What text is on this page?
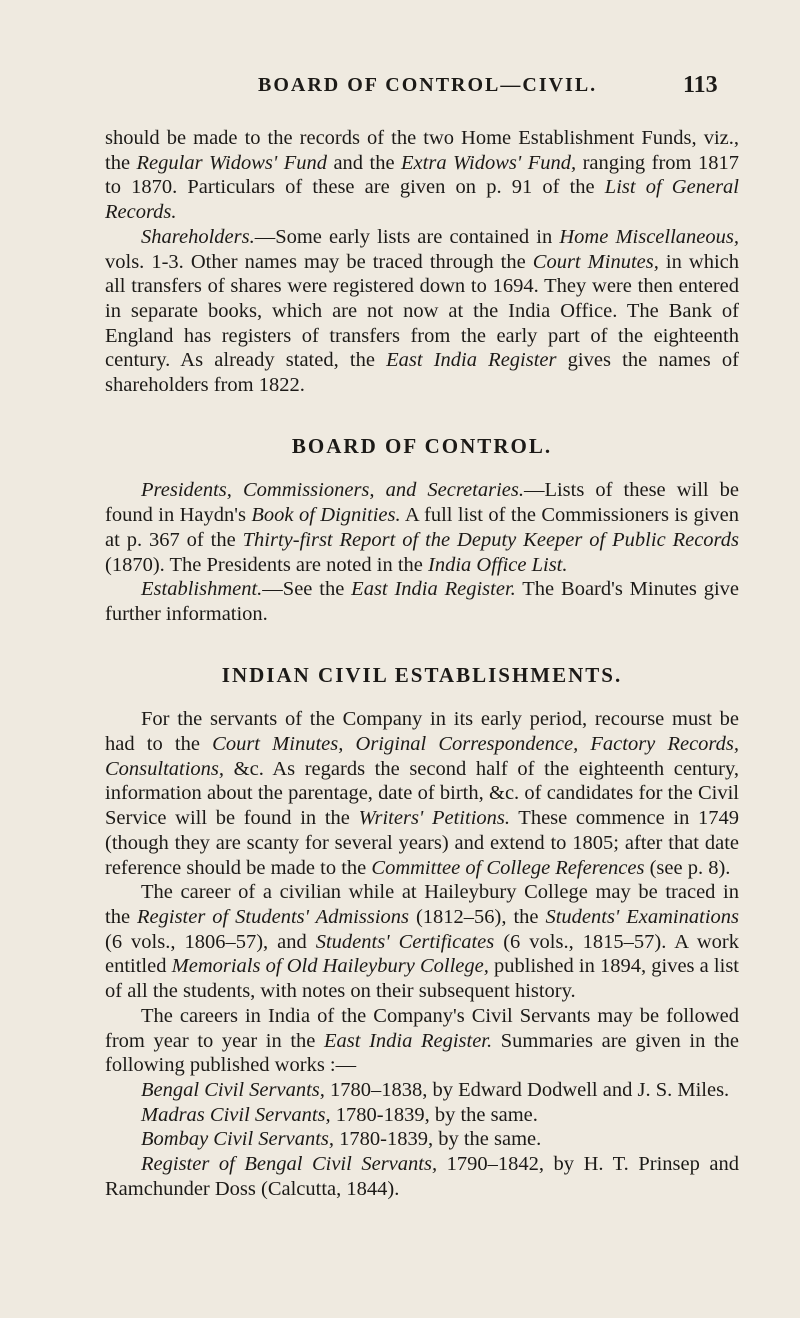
BOARD OF CONTROL—CIVIL.	113

should be made to the records of the two Home Establishment Funds, viz., the Regular Widows' Fund and the Extra Widows' Fund, ranging from 1817 to 1870. Particulars of these are given on p. 91 of the List of General Records.

Shareholders.—Some early lists are contained in Home Miscellaneous, vols. 1-3. Other names may be traced through the Court Minutes, in which all transfers of shares were registered down to 1694. They were then entered in separate books, which are not now at the India Office. The Bank of England has registers of transfers from the early part of the eighteenth century. As already stated, the East India Register gives the names of shareholders from 1822.

BOARD OF CONTROL.

Presidents, Commissioners, and Secretaries.—Lists of these will be found in Haydn's Book of Dignities. A full list of the Commissioners is given at p. 367 of the Thirty-first Report of the Deputy Keeper of Public Records (1870). The Presidents are noted in the India Office List.

Establishment.—See the East India Register. The Board's Minutes give further information.

INDIAN CIVIL ESTABLISHMENTS.

For the servants of the Company in its early period, recourse must be had to the Court Minutes, Original Correspondence, Factory Records, Consultations, &c. As regards the second half of the eighteenth century, information about the parentage, date of birth, &c. of candidates for the Civil Service will be found in the Writers' Petitions. These commence in 1749 (though they are scanty for several years) and extend to 1805; after that date reference should be made to the Committee of College References (see p. 8).

The career of a civilian while at Haileybury College may be traced in the Register of Students' Admissions (1812–56), the Students' Examinations (6 vols., 1806–57), and Students' Certificates (6 vols., 1815–57). A work entitled Memorials of Old Haileybury College, published in 1894, gives a list of all the students, with notes on their subsequent history.

The careers in India of the Company's Civil Servants may be followed from year to year in the East India Register. Summaries are given in the following published works :—

Bengal Civil Servants, 1780–1838, by Edward Dodwell and J. S. Miles.

Madras Civil Servants, 1780-1839, by the same.

Bombay Civil Servants, 1780-1839, by the same.

Register of Bengal Civil Servants, 1790–1842, by H. T. Prinsep and Ramchunder Doss (Calcutta, 1844).
